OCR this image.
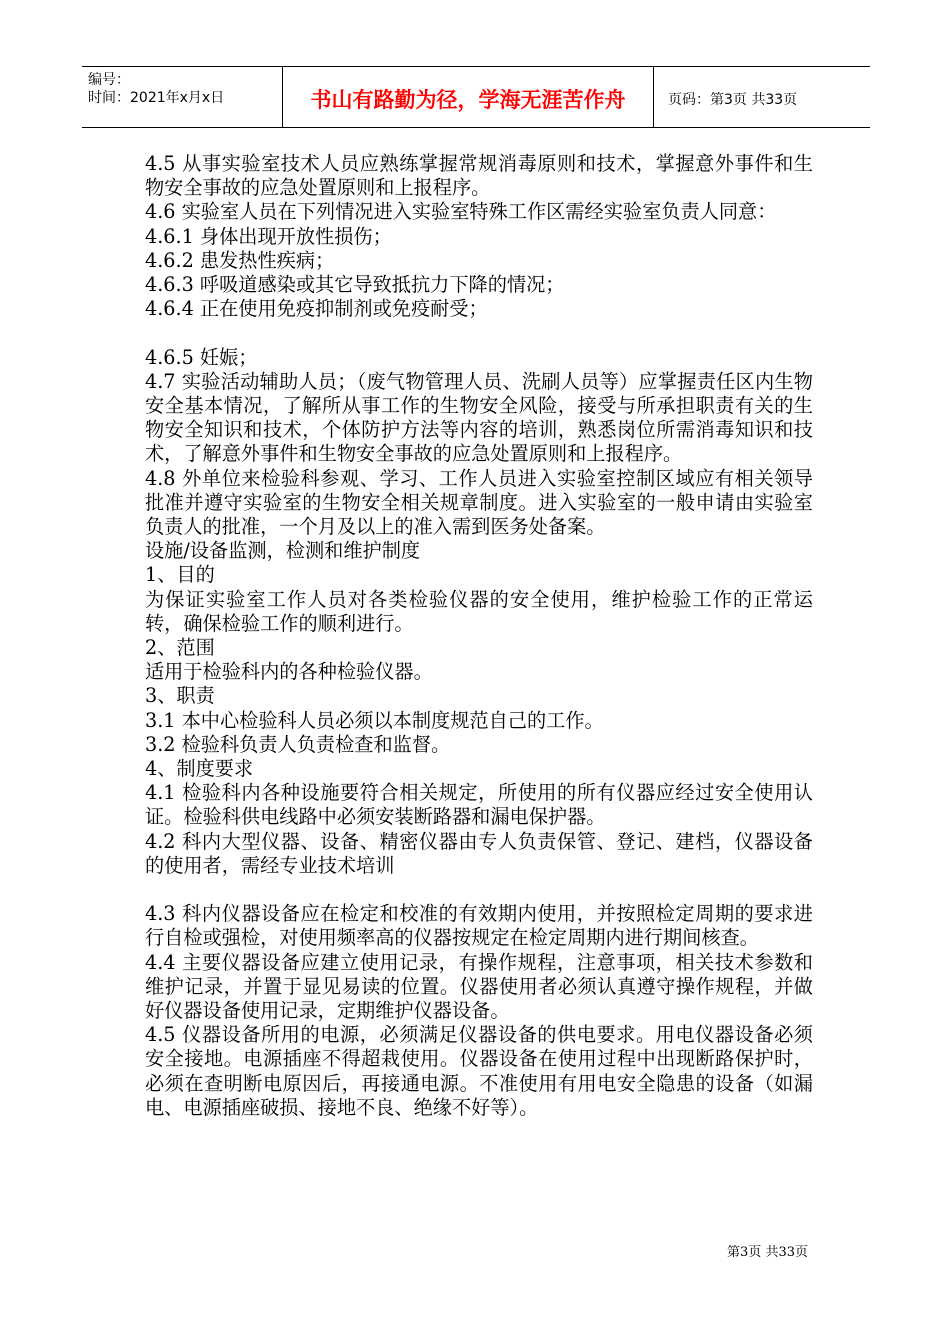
编号：
时间：2021年x月x日	书山有路勤为径，学海无涯苦作舟	页码：第3页 共33页

4.5 从事实验室技术人员应熟练掌握常规消毒原则和技术，掌握意外事件和生物安全事故的应急处置原则和上报程序。

4.6 实验室人员在下列情况进入实验室特殊工作区需经实验室负责人同意：

4.6.1 身体出现开放性损伤；

4.6.2 患发热性疾病；

4.6.3 呼吸道感染或其它导致抵抗力下降的情况；

4.6.4 正在使用免疫抑制剂或免疫耐受；

4.6.5 妊娠；

4.7 实验活动辅助人员；（废气物管理人员、洗刷人员等）应掌握责任区内生物安全基本情况，了解所从事工作的生物安全风险，接受与所承担职责有关的生物安全知识和技术，个体防护方法等内容的培训，熟悉岗位所需消毒知识和技术，了解意外事件和生物安全事故的应急处置原则和上报程序。

4.8 外单位来检验科参观、学习、工作人员进入实验室控制区域应有相关领导批准并遵守实验室的生物安全相关规章制度。进入实验室的一般申请由实验室负责人的批准，一个月及以上的准入需到医务处备案。

设施/设备监测，检测和维护制度

1、目的

为保证实验室工作人员对各类检验仪器的安全使用，维护检验工作的正常运转，确保检验工作的顺利进行。

2、范围

适用于检验科内的各种检验仪器。

3、职责

3.1 本中心检验科人员必须以本制度规范自己的工作。

3.2 检验科负责人负责检查和监督。

4、制度要求

4.1 检验科内各种设施要符合相关规定，所使用的所有仪器应经过安全使用认证。检验科供电线路中必须安装断路器和漏电保护器。

4.2 科内大型仪器、设备、精密仪器由专人负责保管、登记、建档，仪器设备的使用者，需经专业技术培训

4.3 科内仪器设备应在检定和校准的有效期内使用，并按照检定周期的要求进行自检或强检，对使用频率高的仪器按规定在检定周期内进行期间核查。

4.4 主要仪器设备应建立使用记录，有操作规程，注意事项，相关技术参数和维护记录，并置于显见易读的位置。仪器使用者必须认真遵守操作规程，并做好仪器设备使用记录，定期维护仪器设备。

4.5 仪器设备所用的电源，必须满足仪器设备的供电要求。用电仪器设备必须安全接地。电源插座不得超栽使用。仪器设备在使用过程中出现断路保护时，必须在查明断电原因后，再接通电源。不准使用有用电安全隐患的设备（如漏电、电源插座破损、接地不良、绝缘不好等）。

第3页 共33页
